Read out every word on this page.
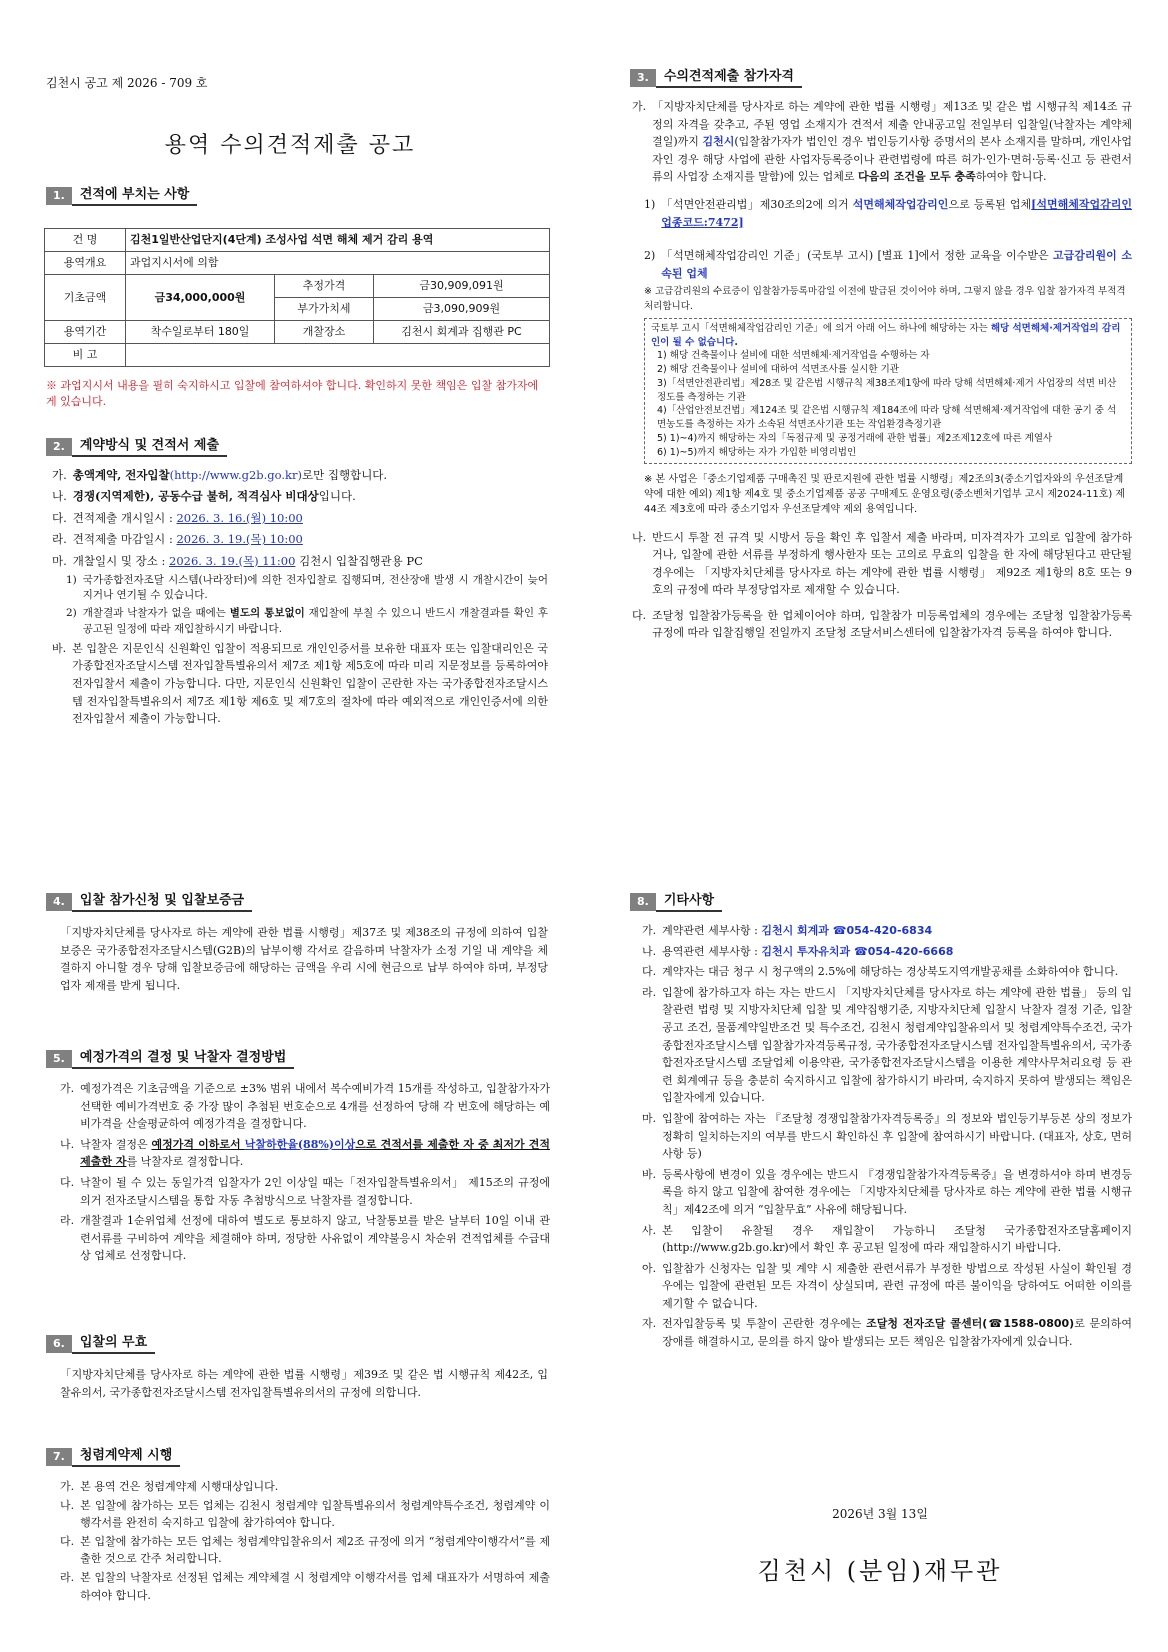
김천시 공고 제 2026 - 709 호
용역 수의견적제출 공고
1.	견적에 부치는 사항
건 명	김천1일반산업단지(4단계) 조성사업 석면 해체 제거 감리 용역		
용역개요	과업지시서에 의함		
기초금액	금34,000,000원	추정가격	금30,909,091원
		부가가치세	금3,090,909원
용역기간	착수일로부터 180일	개찰장소	김천시 회계과 집행관 PC
비 고			
※ 과업지시서 내용을 필히 숙지하시고 입찰에 참여하셔야 합니다. 확인하지 못한 책임은 입찰 참가자에게 있습니다.
2.	계약방식 및 견적서 제출
가. 총액계약, 전자입찰(http://www.g2b.go.kr)로만 집행합니다.
나. 경쟁(지역제한), 공동수급 불허, 적격심사 비대상입니다.
다. 견적제출 개시일시 : 2026. 3. 16.(월) 10:00
라. 견적제출 마감일시 : 2026. 3. 19.(목) 10:00
마. 개찰일시 및 장소 : 2026. 3. 19.(목) 11:00 김천시 입찰집행관용 PC
1) 국가종합전자조달 시스템(나라장터)에 의한 전자입찰로 집행되며, 전산장애 발생 시 개찰시간이 늦어지거나 연기될 수 있습니다.
2) 개찰결과 낙찰자가 없을 때에는 별도의 통보없이 재입찰에 부칠 수 있으니 반드시 개찰결과를 확인 후 공고된 일정에 따라 재입찰하시기 바랍니다.
바. 본 입찰은 지문인식 신원확인 입찰이 적용되므로 개인인증서를 보유한 대표자 또는 입찰대리인은 국가종합전자조달시스템 전자입찰특별유의서 제7조 제1항 제5호에 따라 미리 지문정보를 등록하여야 전자입찰서 제출이 가능합니다. 다만, 지문인식 신원확인 입찰이 곤란한 자는 국가종합전자조달시스템 전자입찰특별유의서 제7조 제1항 제6호 및 제7호의 절차에 따라 예외적으로 개인인증서에 의한 전자입찰서 제출이 가능합니다.
3.	수의견적제출 참가자격
가. 「지방자치단체를 당사자로 하는 계약에 관한 법률 시행령」제13조 및 같은 법 시행규칙 제14조 규정의 자격을 갖추고, 주된 영업 소재지가 견적서 제출 안내공고일 전일부터 입찰일(낙찰자는 계약체결일)까지 김천시(입찰참가자가 법인인 경우 법인등기사항 증명서의 본사 소재지를 말하며, 개인사업자인 경우 해당 사업에 관한 사업자등록증이나 관련법령에 따른 허가·인가·면허·등록·신고 등 관련서류의 사업장 소재지를 말함)에 있는 업체로 다음의 조건을 모두 충족하여야 합니다.
1) 「석면안전관리법」제30조의2에 의거 석면해체작업감리인으로 등록된 업체[석면해체작업감리인 업종코드:7472]
2) 「석면해체작업감리인 기준」(국토부 고시) [별표 1]에서 정한 교육을 이수받은 고급감리원이 소속된 업체
※ 고급감리원의 수료증이 입찰참가등록마감일 이전에 발급된 것이어야 하며, 그렇지 않을 경우 입찰 참가자격 부적격 처리합니다.
국토부 고시「석면해체작업감리인 기준」에 의거 아래 어느 하나에 해당하는 자는 해당 석면해체·제거작업의 감리인이 될 수 없습니다.
1) 해당 건축물이나 설비에 대한 석면해체·제거작업을 수행하는 자
2) 해당 건축물이나 설비에 대하여 석면조사를 실시한 기관
3)「석면안전관리법」제28조 및 같은법 시행규칙 제38조제1항에 따라 당해 석면해체·제거 사업장의 석면 비산정도를 측정하는 기관
4)「산업안전보건법」제124조 및 같은법 시행규칙 제184조에 따라 당해 석면해체·제거작업에 대한 공기 중 석면농도를 측정하는 자가 소속된 석면조사기관 또는 작업환경측정기관
5) 1)~4)까지 해당하는 자의「독점규제 및 공정거래에 관한 법률」제2조제12호에 따른 계열사
6) 1)~5)까지 해당하는 자가 가입한 비영리법인
※ 본 사업은「중소기업제품 구매촉진 및 판로지원에 관한 법률 시행령」제2조의3(중소기업자와의 우선조달계약에 대한 예외) 제1항 제4호 및 중소기업제품 공공 구매제도 운영요령(중소벤처기업부 고시 제2024-11호) 제44조 제3호에 따라 중소기업자 우선조달계약 제외 용역입니다.
나. 반드시 투찰 전 규격 및 시방서 등을 확인 후 입찰서 제출 바라며, 미자격자가 고의로 입찰에 참가하거나, 입찰에 관한 서류를 부정하게 행사한자 또는 고의로 무효의 입찰을 한 자에 해당된다고 판단될 경우에는 「지방자치단체를 당사자로 하는 계약에 관한 법률 시행령」 제92조 제1항의 8호 또는 9호의 규정에 따라 부정당업자로 제재할 수 있습니다.
다. 조달청 입찰참가등록을 한 업체이어야 하며, 입찰참가 미등록업체의 경우에는 조달청 입찰참가등록규정에 따라 입찰집행일 전일까지 조달청 조달서비스센터에 입찰참가자격 등록을 하여야 합니다.
4.	입찰 참가신청 및 입찰보증금
「지방자치단체를 당사자로 하는 계약에 관한 법률 시행령」제37조 및 제38조의 규정에 의하여 입찰보증은 국가종합전자조달시스템(G2B)의 납부이행 각서로 갈음하며 낙찰자가 소정 기일 내 계약을 체결하지 아니할 경우 당해 입찰보증금에 해당하는 금액을 우리 시에 현금으로 납부 하여야 하며, 부정당업자 제재를 받게 됩니다.
5.	예정가격의 결정 및 낙찰자 결정방법
가. 예정가격은 기초금액을 기준으로 ±3% 범위 내에서 복수예비가격 15개를 작성하고, 입찰참가자가 선택한 예비가격번호 중 가장 많이 추첨된 번호순으로 4개를 선정하여 당해 각 번호에 해당하는 예비가격을 산술평균하여 예정가격을 결정합니다.
나. 낙찰자 결정은 예정가격 이하로서 낙찰하한율(88%)이상으로 견적서를 제출한 자 중 최저가 견적 제출한 자를 낙찰자로 결정합니다.
다. 낙찰이 될 수 있는 동일가격 입찰자가 2인 이상일 때는「전자입찰특별유의서」 제15조의 규정에 의거 전자조달시스템을 통합 자동 추첨방식으로 낙찰자를 결정합니다.
라. 개찰결과 1순위업체 선정에 대하여 별도로 통보하지 않고, 낙찰통보를 받은 날부터 10일 이내 관련서류를 구비하여 계약을 체결해야 하며, 정당한 사유없이 계약불응시 차순위 견적업체를 수급대상 업체로 선정합니다.
6.	입찰의 무효
「지방자치단체를 당사자로 하는 계약에 관한 법률 시행령」제39조 및 같은 법 시행규칙 제42조, 입찰유의서, 국가종합전자조달시스템 전자입찰특별유의서의 규정에 의합니다.
7.	청렴계약제 시행
가. 본 용역 건은 청렴계약제 시행대상입니다.
나. 본 입찰에 참가하는 모든 업체는 김천시 청렴계약 입찰특별유의서 청렴계약특수조건, 청렴계약 이행각서를 완전히 숙지하고 입찰에 참가하여야 합니다.
다. 본 입찰에 참가하는 모든 업체는 청렴계약입찰유의서 제2조 규정에 의거 “청렴계약이행각서”를 제출한 것으로 간주 처리합니다.
라. 본 입찰의 낙찰자로 선정된 업체는 계약체결 시 청렴계약 이행각서를 업체 대표자가 서명하여 제출하여야 합니다.
8.	기타사항
가. 계약관련 세부사항 : 김천시 회계과 ☎054-420-6834
나. 용역관련 세부사항 : 김천시 투자유치과 ☎054-420-6668
다. 계약자는 대금 청구 시 청구액의 2.5%에 해당하는 경상북도지역개발공채를 소화하여야 합니다.
라. 입찰에 참가하고자 하는 자는 반드시 「지방자치단체를 당사자로 하는 계약에 관한 법률」 등의 입찰관련 법령 및 지방자치단체 입찰 및 계약집행기준, 지방자치단체 입찰시 낙찰자 결정 기준, 입찰공고 조건, 물품계약일반조건 및 특수조건, 김천시 청렴계약입찰유의서 및 청렴계약특수조건, 국가종합전자조달시스템 입찰참가자격등록규정, 국가종합전자조달시스템 전자입찰특별유의서, 국가종합전자조달시스템 조달업체 이용약관, 국가종합전자조달시스템을 이용한 계약사무처리요령 등 관련 회계예규 등을 충분히 숙지하시고 입찰에 참가하시기 바라며, 숙지하지 못하여 발생되는 책임은 입찰자에게 있습니다.
마. 입찰에 참여하는 자는 『조달청 경쟁입찰참가자격등록증』의 정보와 법인등기부등본 상의 정보가 정확히 일치하는지의 여부를 반드시 확인하신 후 입찰에 참여하시기 바랍니다. (대표자, 상호, 면허사항 등)
바. 등록사항에 변경이 있을 경우에는 반드시 『경쟁입찰참가자격등록증』을 변경하셔야 하며 변경등록을 하지 않고 입찰에 참여한 경우에는 「지방자치단체를 당사자로 하는 계약에 관한 법률 시행규칙」제42조에 의거 “입찰무효” 사유에 해당됩니다.
사. 본 입찰이 유찰될 경우 재입찰이 가능하니 조달청 국가종합전자조달홈페이지(http://www.g2b.go.kr)에서 확인 후 공고된 일정에 따라 재입찰하시기 바랍니다.
아. 입찰참가 신청자는 입찰 및 계약 시 제출한 관련서류가 부정한 방법으로 작성된 사실이 확인될 경우에는 입찰에 관련된 모든 자격이 상실되며, 관련 규정에 따른 불이익을 당하여도 어떠한 이의를 제기할 수 없습니다.
자. 전자입찰등록 및 투찰이 곤란한 경우에는 조달청 전자조달 콜센터(☎1588-0800)로 문의하여 장애를 해결하시고, 문의를 하지 않아 발생되는 모든 책임은 입찰참가자에게 있습니다.
2026년 3월 13일
김천시 (분임)재무관
